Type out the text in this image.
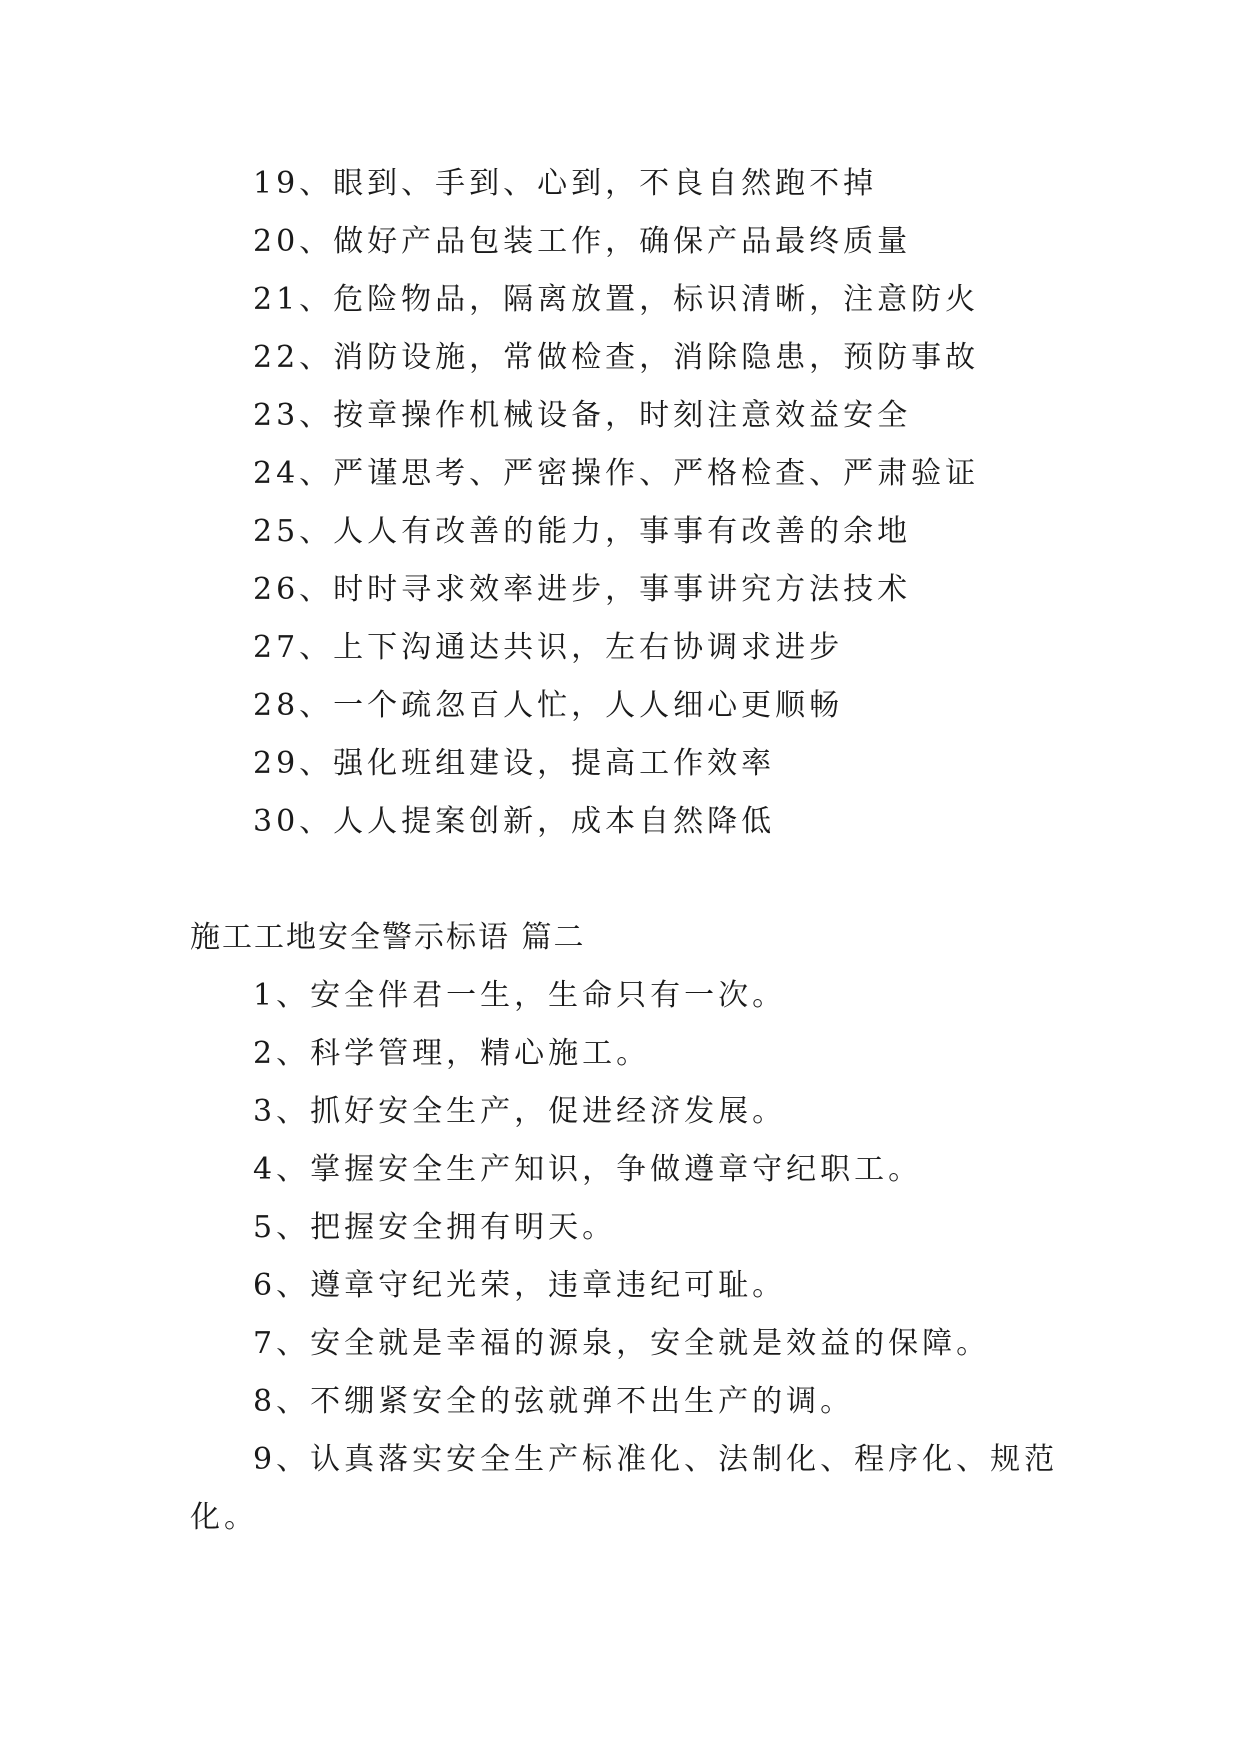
19、眼到、手到、心到，不良自然跑不掉
20、做好产品包装工作，确保产品最终质量
21、危险物品，隔离放置，标识清晰，注意防火
22、消防设施，常做检查，消除隐患，预防事故
23、按章操作机械设备，时刻注意效益安全
24、严谨思考、严密操作、严格检查、严肃验证
25、人人有改善的能力，事事有改善的余地
26、时时寻求效率进步，事事讲究方法技术
27、上下沟通达共识，左右协调求进步
28、一个疏忽百人忙，人人细心更顺畅
29、强化班组建设，提高工作效率
30、人人提案创新，成本自然降低
施工工地安全警示标语 篇二
1、安全伴君一生，生命只有一次。
2、科学管理，精心施工。
3、抓好安全生产，促进经济发展。
4、掌握安全生产知识，争做遵章守纪职工。
5、把握安全拥有明天。
6、遵章守纪光荣，违章违纪可耻。
7、安全就是幸福的源泉，安全就是效益的保障。
8、不绷紧安全的弦就弹不出生产的调。
9、认真落实安全生产标准化、法制化、程序化、规范
化。
